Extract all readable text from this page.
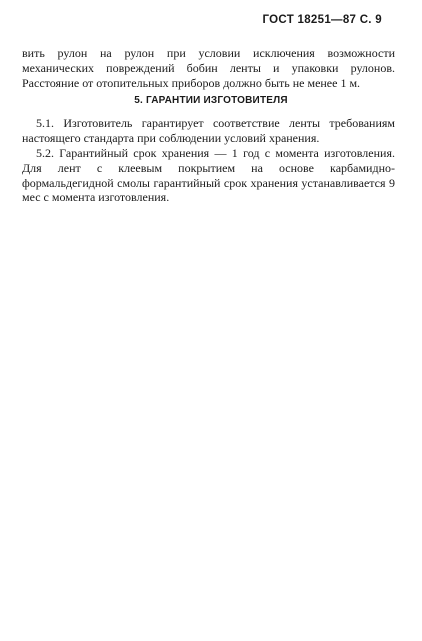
ГОСТ 18251—87 С. 9

вить рулон на рулон при условии исключения возможности механических повреждений бобин ленты и упаковки рулонов. Расстояние от отопительных приборов должно быть не менее 1 м.

5. ГАРАНТИИ ИЗГОТОВИТЕЛЯ

5.1. Изготовитель гарантирует соответствие ленты требованиям настоящего стандарта при соблюдении условий хранения.

5.2. Гарантийный срок хранения — 1 год с момента изготовления. Для лент с клеевым покрытием на основе карбамидно-формальдегидной смолы гарантийный срок хранения устанавливается 9 мес с момента изготовления.
